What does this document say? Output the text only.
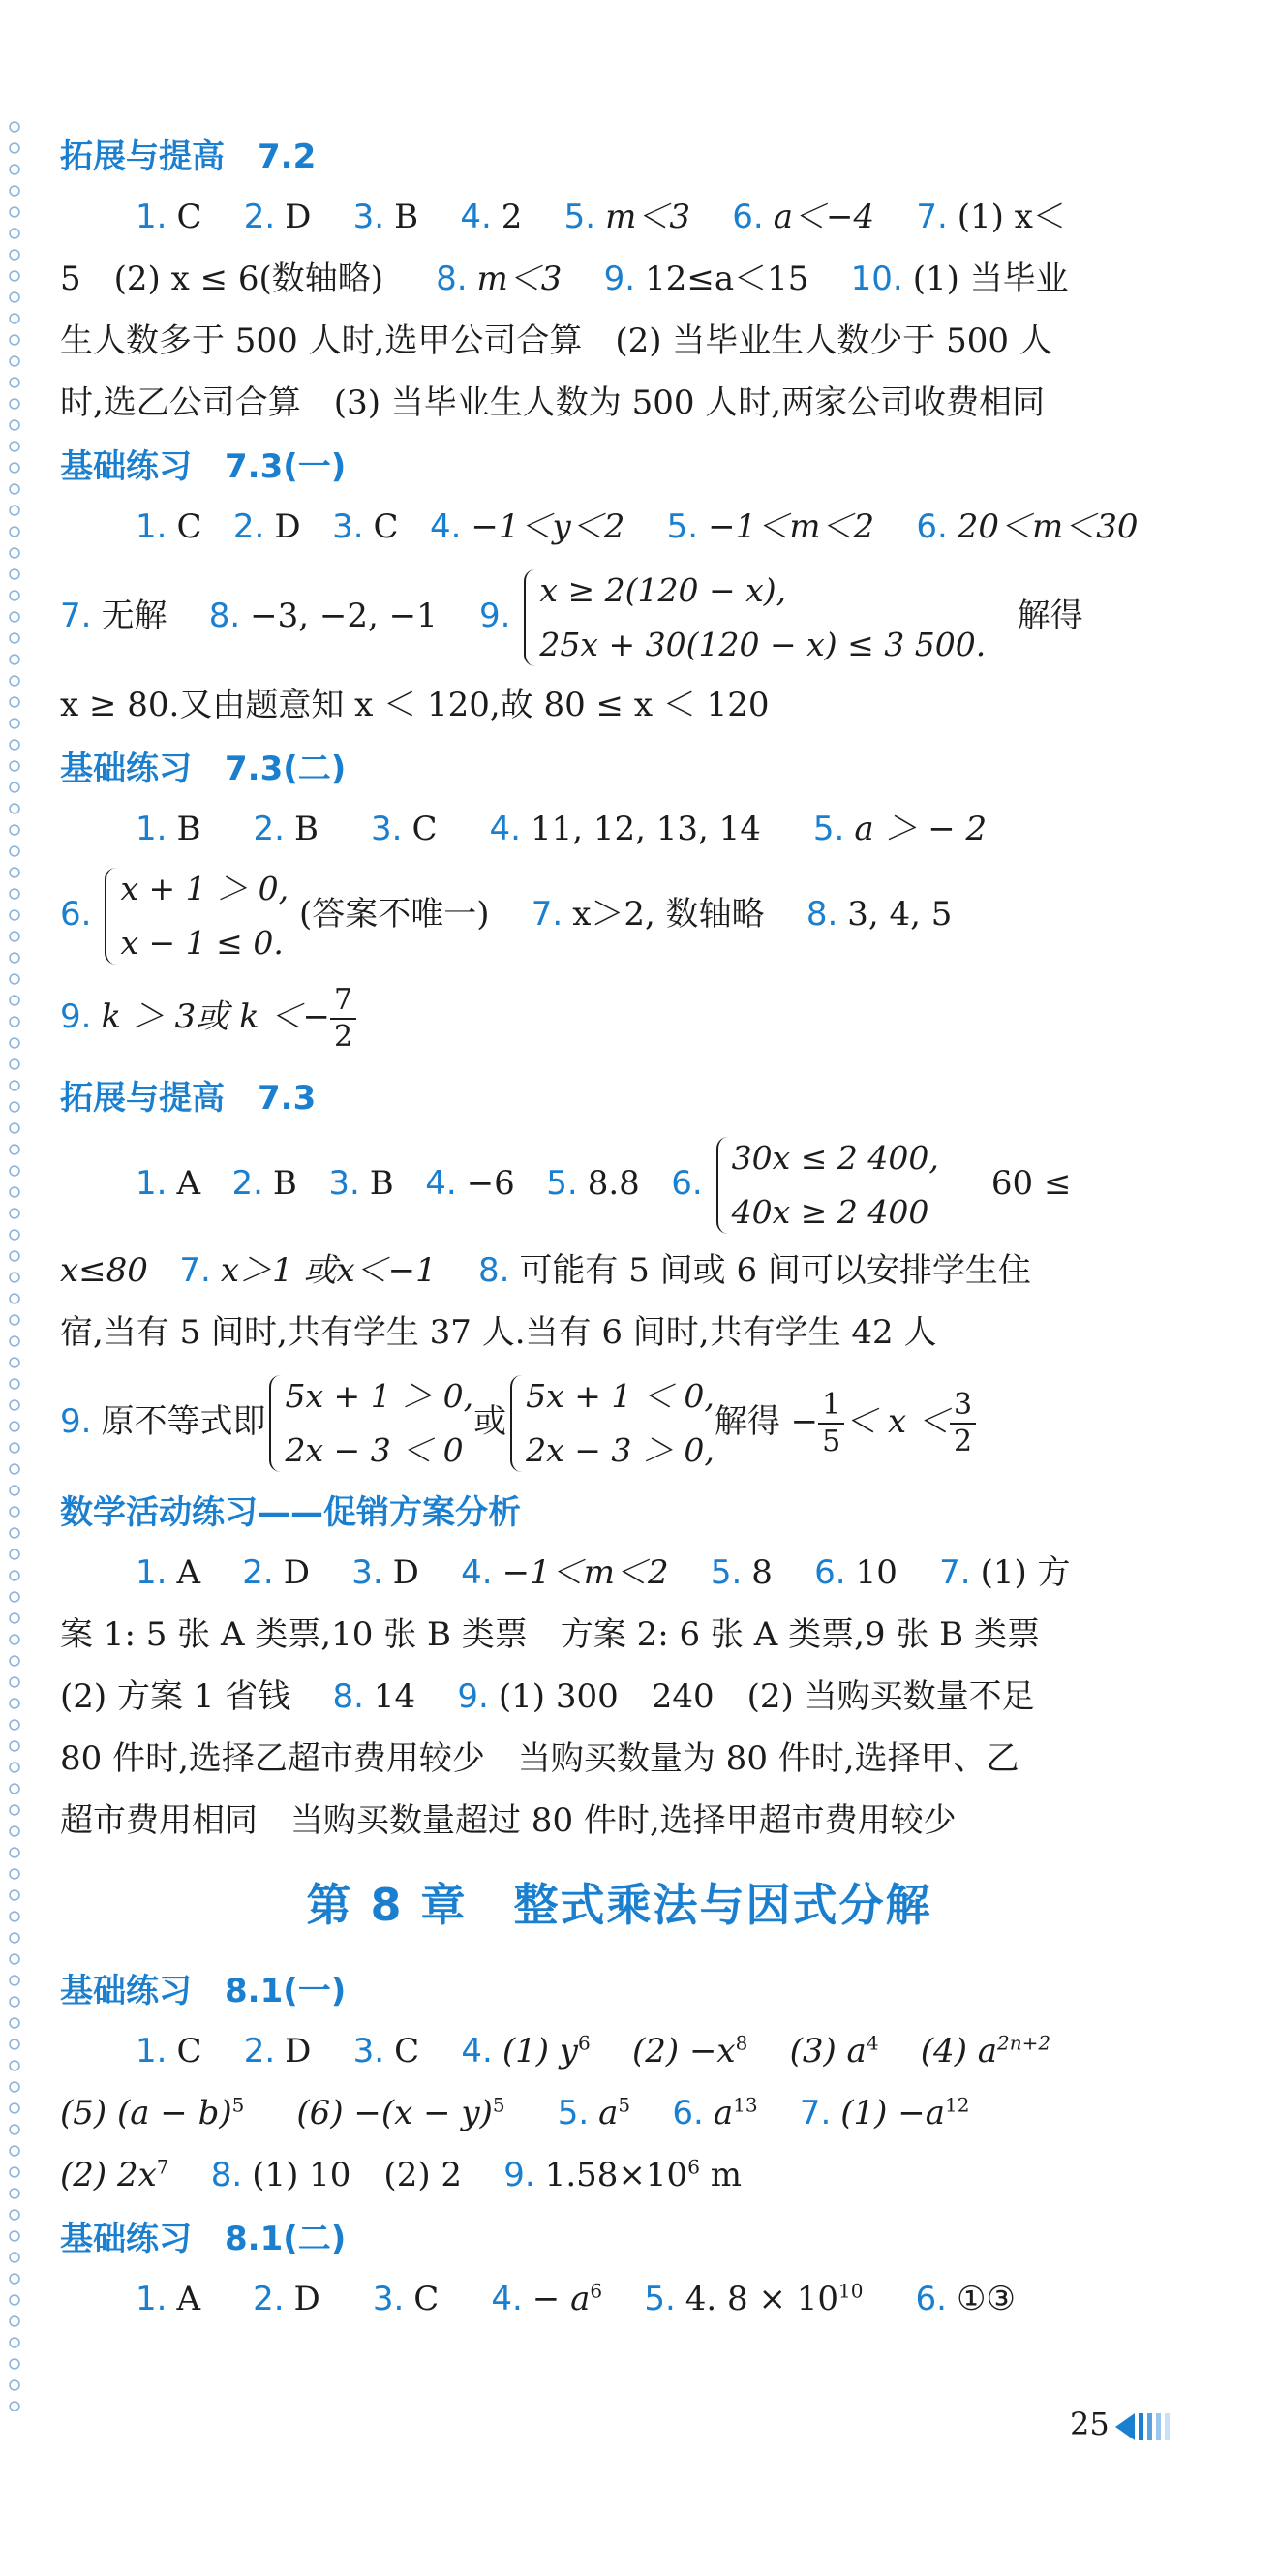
拓展与提高 7.2
1. C 2. D 3. B 4. 2 5. m＜3 6. a＜−4 7. (1) x＜
5　(2) x ≤ 6(数轴略) 8. m＜3 9. 12≤a＜15 10. (1) 当毕业
生人数多于 500 人时,选甲公司合算　(2) 当毕业生人数少于 500 人
时,选乙公司合算　(3) 当毕业生人数为 500 人时,两家公司收费相同
基础练习 7.3(一)
1. C 2. D 3. C 4. −1＜y＜2 5. −1＜m＜2 6. 20＜m＜30
7. 无解 8. −3, −2, −1 9.
x ≥ 2(120 − x),
25x + 30(120 − x) ≤ 3 500.
解得
x ≥ 80.又由题意知 x ＜ 120,故 80 ≤ x ＜ 120
基础练习 7.3(二)
1. B 2. B 3. C 4. 11, 12, 13, 14 5. a ＞ − 2
6.
x + 1 ＞ 0,
x − 1 ≤ 0.
(答案不唯一) 7. x＞2, 数轴略 8. 3, 4, 5
9. k ＞ 3或 $k <- \frac{7}{2}$
拓展与提高 7.3
1. A 2. B 3. B 4. −6 5. 8.8 6.
30x ≤ 2 400,
40x ≥ 2 400
60 ≤
x≤80 7. x＞1 或x＜−1 8. 可能有 5 间或 6 间可以安排学生住
宿,当有 5 间时,共有学生 37 人.当有 6 间时,共有学生 42 人
9. 原不等式即
5x + 1 ＞ 0,
2x − 3 ＜ 0
或
5x + 1 ＜ 0,
2x − 3 ＞ 0,
解得 − $\frac{1}{5} < x < \frac{3}{2}$
数学活动练习——促销方案分析
1. A 2. D 3. D 4. −1＜m＜2 5. 8 6. 10 7. (1) 方
案 1: 5 张 A 类票,10 张 B 类票　方案 2: 6 张 A 类票,9 张 B 类票
(2) 方案 1 省钱 8. 14 9. (1) 300　240　(2) 当购买数量不足
80 件时,选择乙超市费用较少　当购买数量为 80 件时,选择甲、乙
超市费用相同　当购买数量超过 80 件时,选择甲超市费用较少
第 8 章　整式乘法与因式分解
基础练习 8.1(一)
1. C 2. D 3. C 4. (1) $y^6$ $(2) -x^8$ (3) $a^4$ (4) $a^{2n+2}$
(5) $(a - b)^5$ $(6) -(x - y)^5$ 5. $a^5$ 6. $a^{13}$ 7. $(1) -a^{12}$
(2) $2x^7$ 8. (1) 10　(2) 2 9. $1.58\times 10^6$ m
基础练习 8.1(二)
1. A 2. D 3. C 4. − $a^6$ 5. 4. $8 \times 10^{10}$ 6. ①③
25
